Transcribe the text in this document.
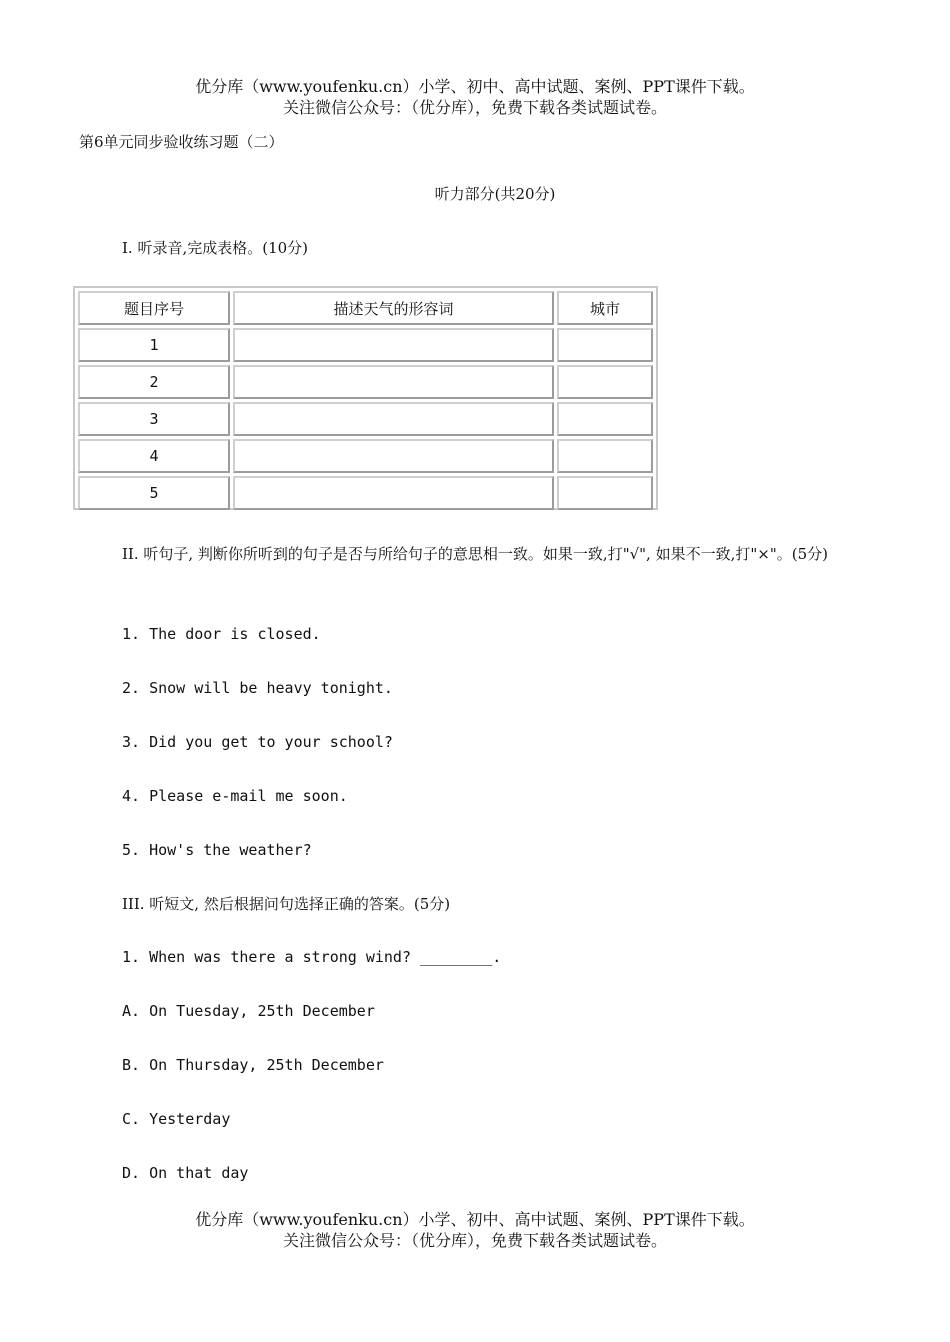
优分库（www.youfenku.cn）小学、初中、高中试题、案例、PPT课件下载。
关注微信公众号：（优分库），免费下载各类试题试卷。
第6单元同步验收练习题（二）
听力部分(共20分)
I. 听录音,完成表格。(10分)
题目序号	描述天气的形容词	城市
1		
2		
3		
4		
5		
II. 听句子, 判断你所听到的句子是否与所给句子的意思相一致。如果一致,打"√", 如果不一致,打"×"。(5分)
1. The door is closed.
2. Snow will be heavy tonight.
3. Did you get to your school?
4. Please e-mail me soon.
5. How's the weather?
III. 听短文, 然后根据问句选择正确的答案。(5分)
1. When was there a strong wind? ________.
A. On Tuesday, 25th December
B. On Thursday, 25th December
C. Yesterday
D. On that day
优分库（www.youfenku.cn）小学、初中、高中试题、案例、PPT课件下载。
关注微信公众号：（优分库），免费下载各类试题试卷。
